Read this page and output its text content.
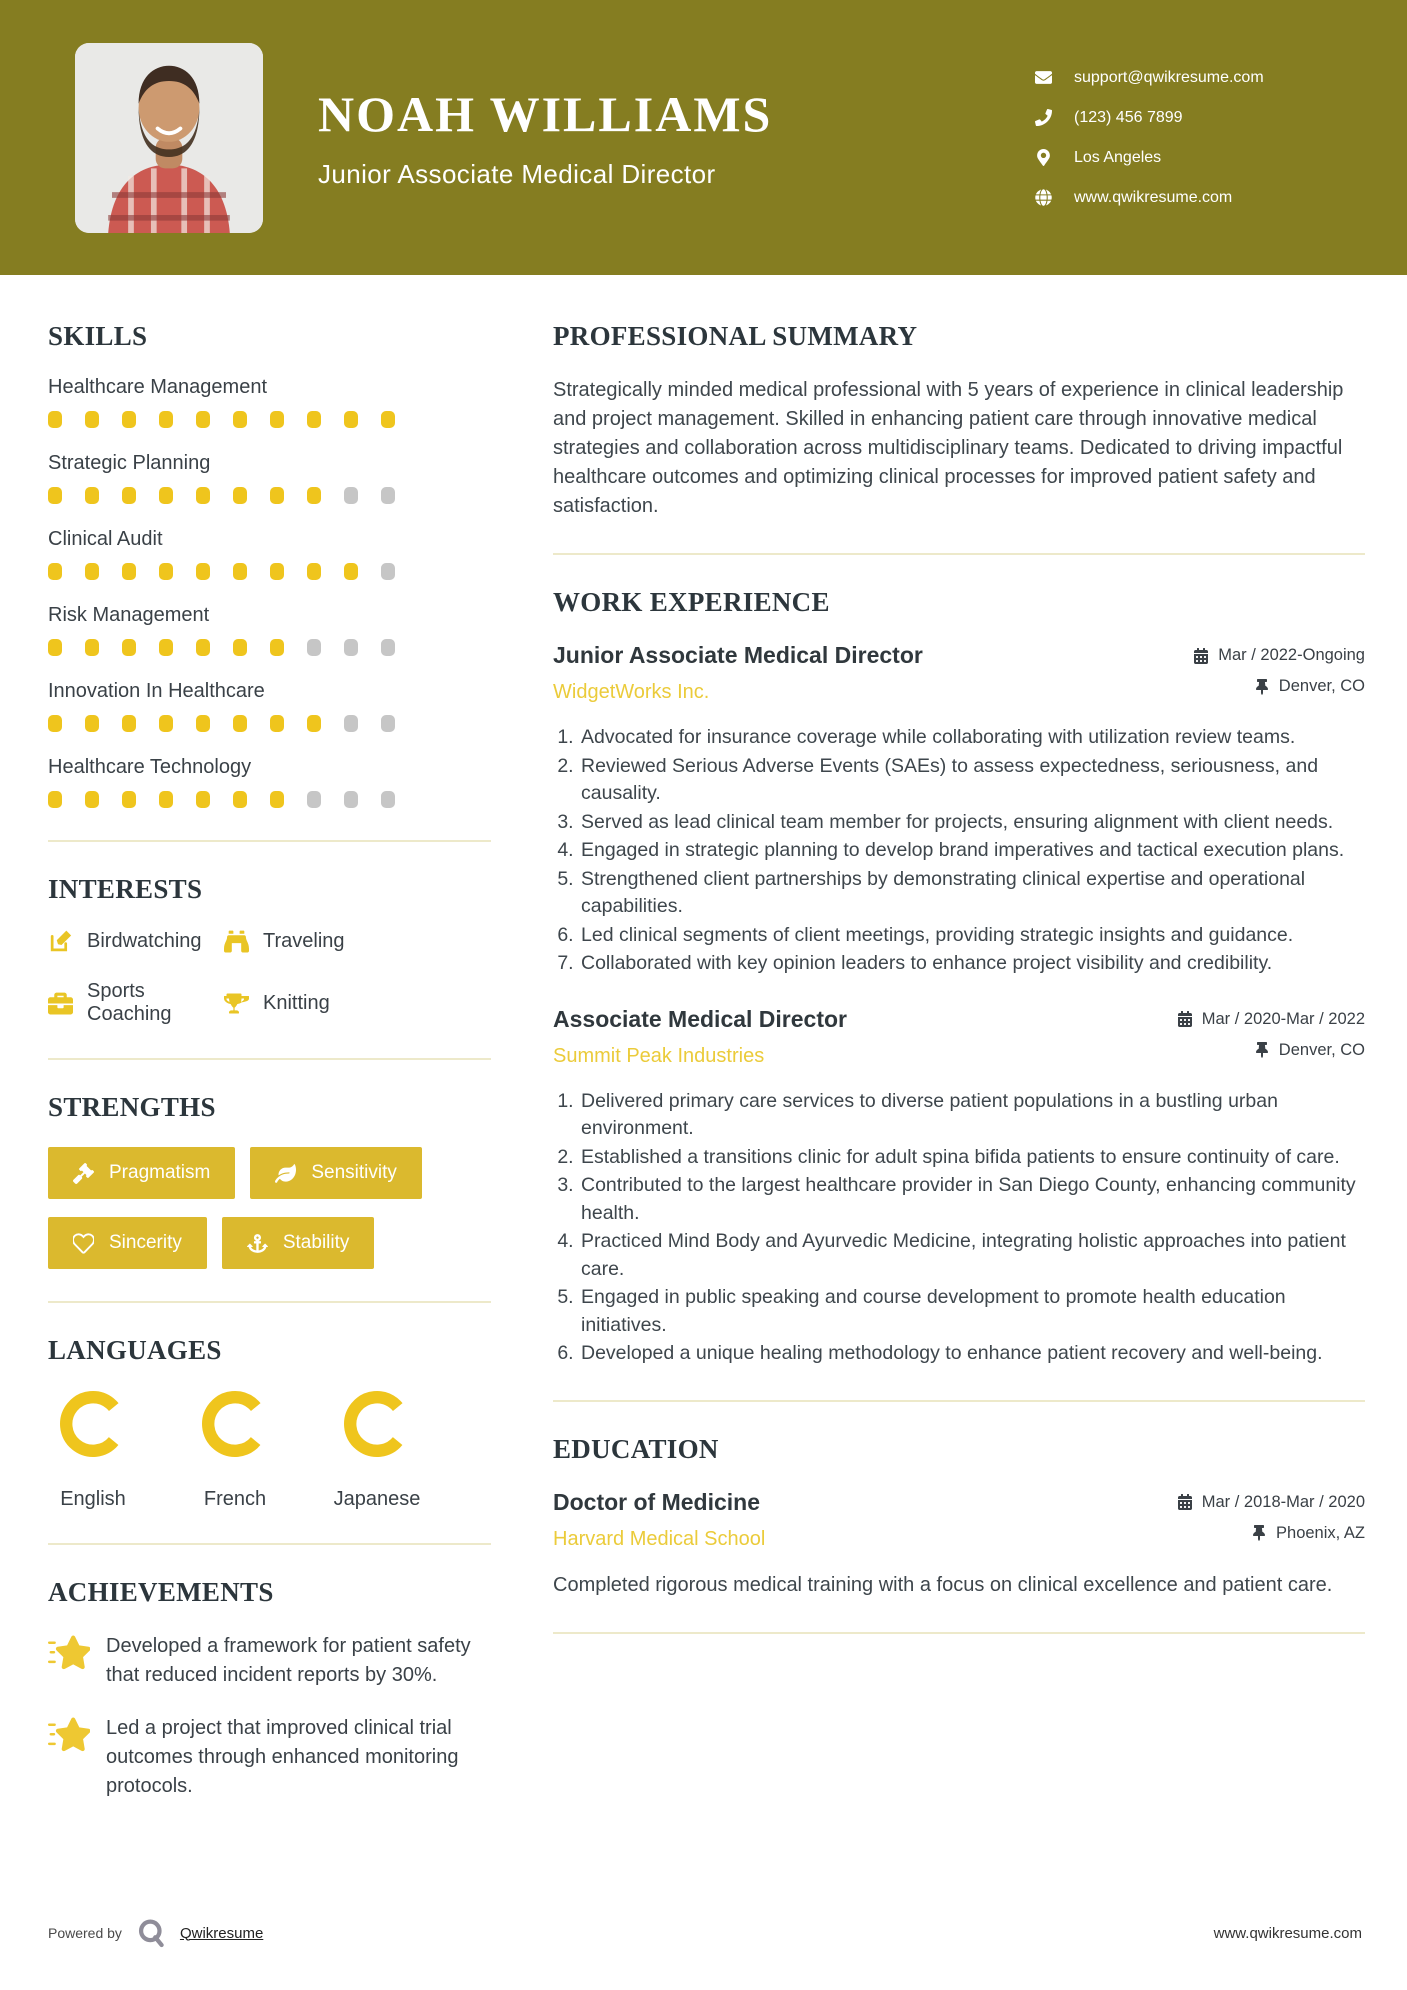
NOAH WILLIAMS
Junior Associate Medical Director
support@qwikresume.com
(123) 456 7899
Los Angeles
www.qwikresume.com
SKILLS
Healthcare Management
Strategic Planning
Clinical Audit
Risk Management
Innovation In Healthcare
Healthcare Technology
INTERESTS
Birdwatching	Traveling
Sports Coaching
Knitting
STRENGTHS
Pragmatism	Sensitivity
Sincerity	Stability
LANGUAGES
English	French	Japanese
ACHIEVEMENTS
Developed a framework for patient safety that reduced incident reports by 30%.
Led a project that improved clinical trial outcomes through enhanced monitoring protocols.
PROFESSIONAL SUMMARY

Strategically minded medical professional with 5 years of experience in clinical leadership and project management. Skilled in enhancing patient care through innovative medical strategies and collaboration across multidisciplinary teams. Dedicated to driving impactful healthcare outcomes and optimizing clinical processes for improved patient safety and satisfaction.

WORK EXPERIENCE
Junior Associate Medical Director
WidgetWorks Inc.
Mar / 2022-Ongoing
Denver, CO
1. Advocated for insurance coverage while collaborating with utilization review teams.
2. Reviewed Serious Adverse Events (SAEs) to assess expectedness, seriousness, and causality.
3. Served as lead clinical team member for projects, ensuring alignment with client needs.
4. Engaged in strategic planning to develop brand imperatives and tactical execution plans.
5. Strengthened client partnerships by demonstrating clinical expertise and operational capabilities.
6. Led clinical segments of client meetings, providing strategic insights and guidance.
7. Collaborated with key opinion leaders to enhance project visibility and credibility.
Associate Medical Director
Summit Peak Industries
Mar / 2020-Mar / 2022
Denver, CO
1. Delivered primary care services to diverse patient populations in a bustling urban environment.
2. Established a transitions clinic for adult spina bifida patients to ensure continuity of care.
3. Contributed to the largest healthcare provider in San Diego County, enhancing community health.
4. Practiced Mind Body and Ayurvedic Medicine, integrating holistic approaches into patient care.
5. Engaged in public speaking and course development to promote health education initiatives.
6. Developed a unique healing methodology to enhance patient recovery and well-being.
EDUCATION
Doctor of Medicine
Harvard Medical School
Mar / 2018-Mar / 2020
Phoenix, AZ

Completed rigorous medical training with a focus on clinical excellence and patient care.

Powered by	Qwikresume	www.qwikresume.com
